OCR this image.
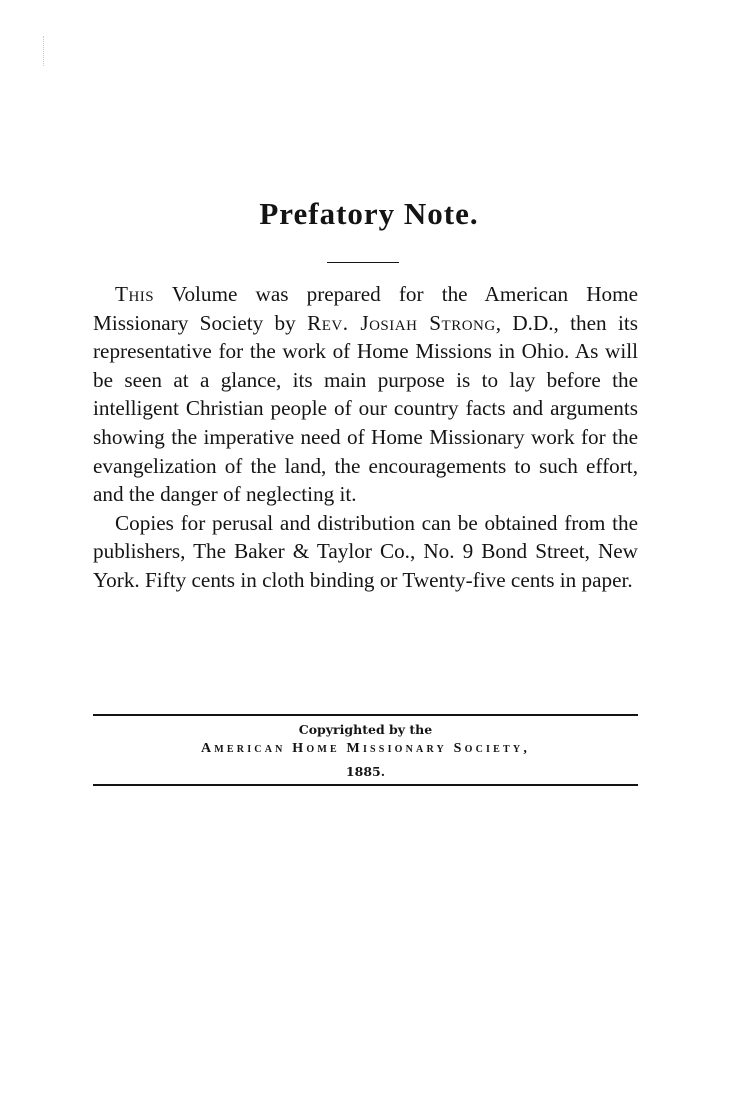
Prefatory Note.

This Volume was prepared for the American Home Missionary Society by Rev. Josiah Strong, D.D., then its representative for the work of Home Missions in Ohio. As will be seen at a glance, its main purpose is to lay before the intelligent Christian people of our country facts and arguments showing the imperative need of Home Missionary work for the evangelization of the land, the encouragements to such effort, and the danger of neglecting it.

Copies for perusal and distribution can be obtained from the publishers, The Baker & Taylor Co., No. 9 Bond Street, New York. Fifty cents in cloth binding or Twenty-five cents in paper.

Copyrighted by the
American Home Missionary Society,
1885.
